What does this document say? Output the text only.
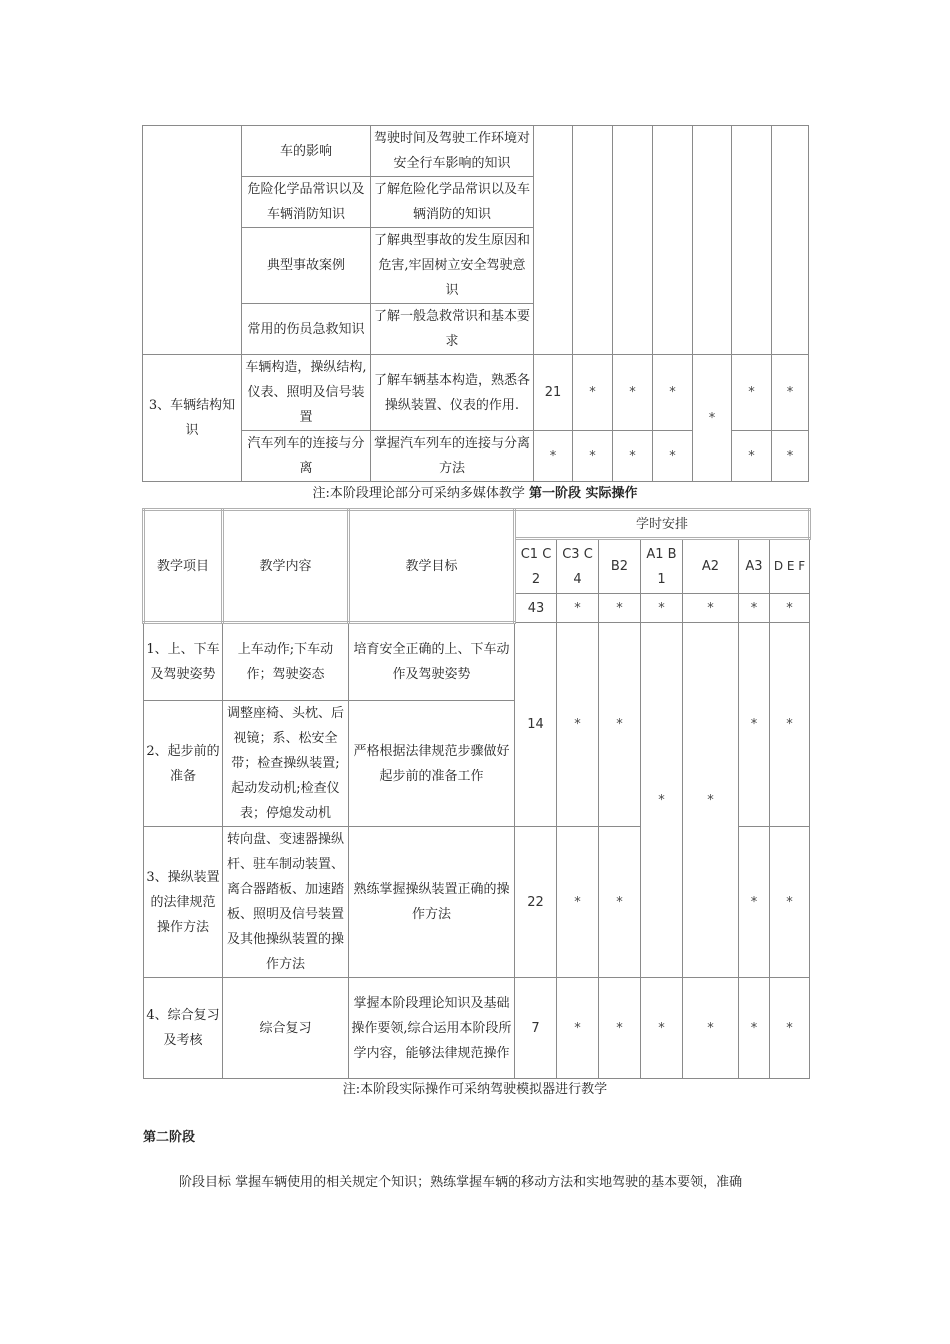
	车的影响	驾驶时间及驾驶工作环境对安全行车影响的知识							
	危险化学品常识以及车辆消防知识	了解危险化学品常识以及车辆消防的知识							
	典型事故案例	了解典型事故的发生原因和危害,牢固树立安全驾驶意识							
	常用的伤员急救知识	了解一般急救常识和基本要求							
3、车辆结构知识	车辆构造，操纵结构,仪表、照明及信号装置	了解车辆基本构造，熟悉各操纵装置、仪表的作用.	21	*	*	*	*	*	*
	汽车列车的连接与分离	掌握汽车列车的连接与分离方法	*	*	*	*		*	*
注:本阶段理论部分可采纳多媒体教学 第一阶段 实际操作
教学项目	教学内容	教学目标	学时安排						
			C1 C2	C3 C4	B2	A1 B1	A2	A3	D E F
			43	*	*	*	*	*	*
1、上、下车及驾驶姿势	上车动作;下车动作；驾驶姿态	培育安全正确的上、下车动作及驾驶姿势	14	*	*	*	*	*	*
2、起步前的准备	调整座椅、头枕、后视镜；系、松安全带；检查操纵装置;起动发动机;检查仪表；停熄发动机	严格根据法律规范步骤做好起步前的准备工作							
3、操纵装置的法律规范操作方法	转向盘、变速器操纵杆、驻车制动装置、离合器踏板、加速踏板、照明及信号装置及其他操纵装置的操作方法	熟练掌握操纵装置正确的操作方法	22	*	*			*	*
4、综合复习及考核	综合复习	掌握本阶段理论知识及基础操作要领,综合运用本阶段所学内容，能够法律规范操作	7	*	*	*	*	*	*
注:本阶段实际操作可采纳驾驶模拟器进行教学
第二阶段
阶段目标 掌握车辆使用的相关规定个知识；熟练掌握车辆的移动方法和实地驾驶的基本要领，准确
